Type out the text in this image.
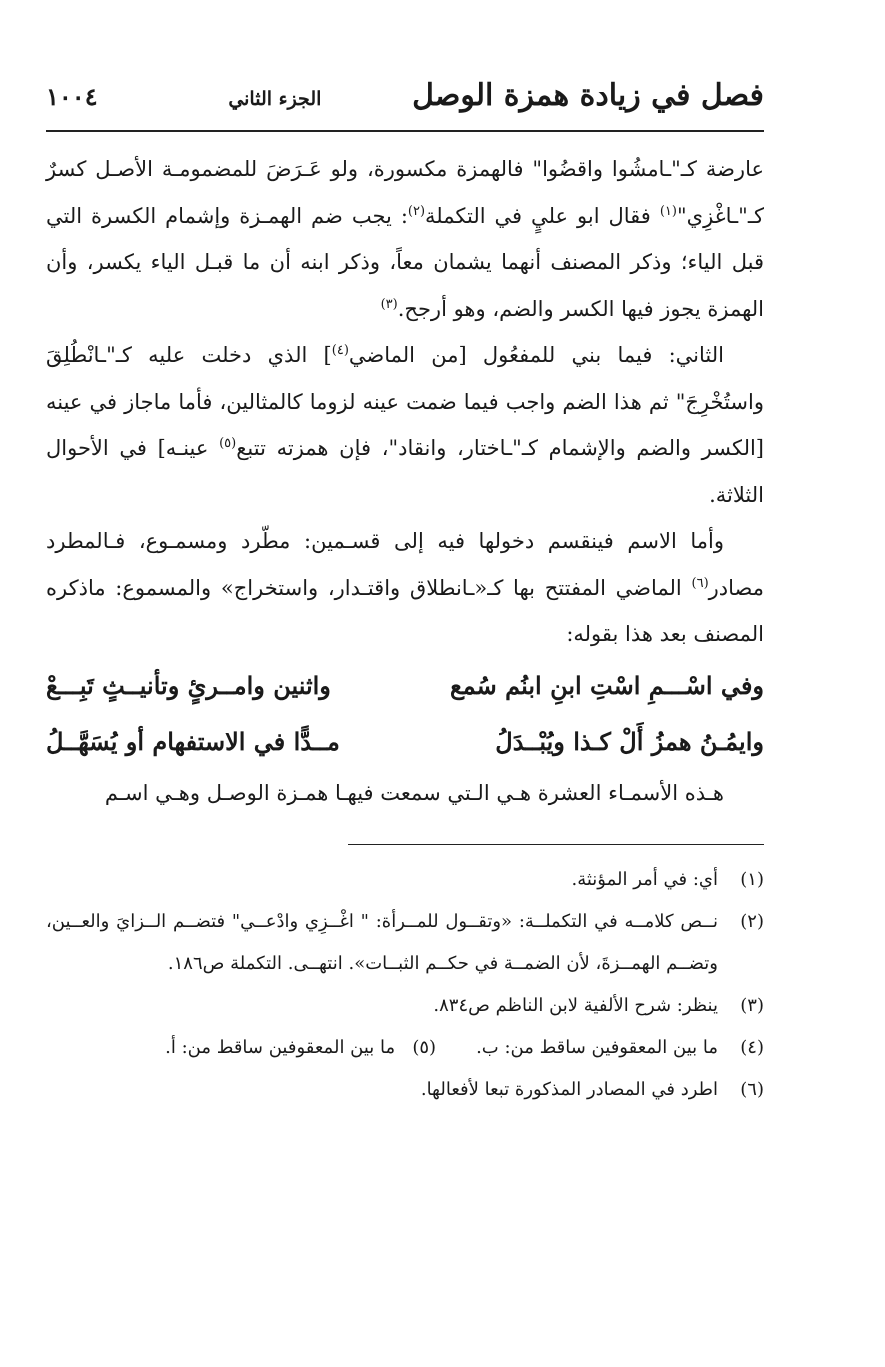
فصل في زيادة همزة الوصل
الجزء الثاني
١٠٠٤

عارضة كـ"ـامشُوا واقضُوا" فالهمزة مكسورة، ولو عَـرَضَ للمضمومـة الأصـل كسرٌ كـ"ـاغْزِي"$^{(١)}$ فقال ابو عليٍ في التكملة$^{(٢)}$: يجب ضم الهمـزة وإشمام الكسرة التي قبل الياء؛ وذكر المصنف أنهما يشمان معاً، وذكر ابنه أن ما قبـل الياء يكسر، وأن الهمزة يجوز فيها الكسر والضم، وهو أرجح.$^{(٣)}$

الثاني: فيما بني للمفعُول [من الماضي$^{(٤)}$] الذي دخلت عليه كـ"ـانْطُلِقَ واستُخْرِجَ" ثم هذا الضم واجب فيما ضمت عينه لزوما كالمثالين، فأما ماجاز في عينه [الكسر والضم والإشمام كـ"ـاختار، وانقاد"، فإن همزته تتبع$^{(٥)}$ عينـه] في الأحوال الثلاثة.

وأما الاسم فينقسم دخولها فيه إلى قسـمين: مطّرد ومسمـوع، فـالمطرد مصادر$^{(٦)}$ الماضي المفتتح بها كـ«ـانطلاق واقتـدار، واستخراج» والمسموع: ماذكره المصنف بعد هذا بقوله:

وفي اسْـــمِ اسْتِ ابنِ ابنُم سُمع
واثنين وامــرئٍ وتأنيــثٍ تَبِـــعْ
وايمُـنُ همزُ أَلْ كـذا ويُبْــدَلُ
مــدًّا في الاستفهام أو يُسَهَّــلُ

هـذه الأسمـاء العشرة هـي الـتي سمعت فيهـا همـزة الوصـل وهـي اسـم

(١)
أي: في أمر المؤنثة.
(٢)
نــص كلامــه في التكملــة: «وتقــول للمــرأة: " اغْــزِي وادْعــي" فتضــم الــزايَ والعــين، وتضــم الهمــزةَ، لأن الضمــة في حكــم الثبــات». انتهــى. التكملة ص١٨٦.
(٣)
ينظر: شرح الألفية لابن الناظم ص٨٣٤.
(٤)
ما بين المعقوفين ساقط من: ب.(٥)   ما بين المعقوفين ساقط من: أ.
(٦)
اطرد في المصادر المذكورة تبعا لأفعالها.
